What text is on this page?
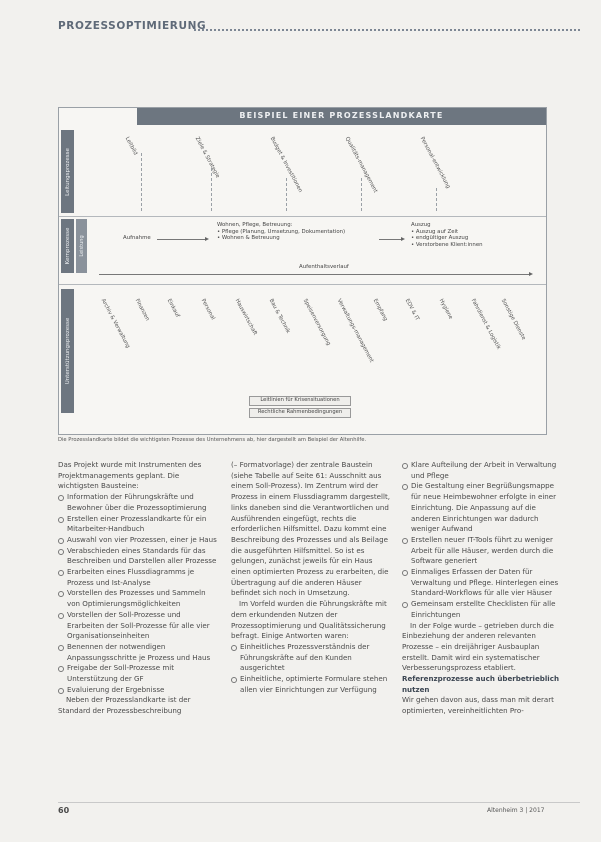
PROZESSOPTIMIERUNG
BEISPIEL EINER PROZESSLANDKARTE
Leitungsprozesse
Kernprozesse Leistung
Unterstützungsprozesse
Leitbild	Ziele & Strategie	Budget & Investitionen	Qualitäts-management	Personal-entwicklung
Aufnahme
Wohnen, Pflege, Betreuung:
• Pflege (Planung, Umsetzung, Dokumentation)
• Wohnen & Betreuung
Auszug
• Auszug auf Zeit
• endgültiger Auszug
• Verstorbene Klient:innen
Aufenthaltsverlauf
Archiv & Verwaltung Finanzen	Einkauf	Personal	Hauswirtschaft Bau & Technik Speisenversorgung Verwaltungs-management
Empfang	EDV & IT	Hygiene	Fahrdienst & Logistik
Sonstige Dienste
Leitlinien für Krisensituationen
Rechtliche Rahmenbedingungen
Die Prozesslandkarte bildet die wichtigsten Prozesse des Unternehmens ab, hier dargestellt am Beispiel der Altenhilfe.

Das Projekt wurde mit Instrumenten des Projektmanagements geplant. Die wichtigsten Bausteine:

Information der Führungskräfte und Bewohner über die Prozessoptimierung
Erstellen einer Prozesslandkarte für ein Mitarbeiter-Handbuch
Auswahl von vier Prozessen, einer je Haus
Verabschieden eines Standards für das Beschreiben und Darstellen aller Prozesse
Erarbeiten eines Flussdiagramms je Prozess und Ist-Analyse
Vorstellen des Prozesses und Sammeln von Optimierungsmöglichkeiten
Vorstellen der Soll-Prozesse und Erarbeiten der Soll-Prozesse für alle vier Organisationseinheiten
Benennen der notwendigen Anpassungsschritte je Prozess und Haus
Freigabe der Soll-Prozesse mit Unterstützung der GF
Evaluierung der Ergebnisse

Neben der Prozesslandkarte ist der Standard der Prozessbeschreibung

(– Formatvorlage) der zentrale Baustein (siehe Tabelle auf Seite 61: Ausschnitt aus einem Soll-Prozess). Im Zentrum wird der Prozess in einem Flussdiagramm dargestellt, links daneben sind die Verantwortlichen und Ausführenden eingefügt, rechts die erforderlichen Hilfsmittel. Dazu kommt eine Beschreibung des Prozesses und als Beilage die ausgeführten Hilfsmittel. So ist es gelungen, zunächst jeweils für ein Haus einen optimierten Prozess zu erarbeiten, die Übertragung auf die anderen Häuser befindet sich noch in Umsetzung.

Im Vorfeld wurden die Führungskräfte mit dem erkundenden Nutzen der Prozessoptimierung und Qualitätssicherung befragt. Einige Antworten waren:

Einheitliches Prozessverständnis der Führungskräfte auf den Kunden ausgerichtet
Einheitliche, optimierte Formulare stehen allen vier Einrichtungen zur Verfügung
Klare Aufteilung der Arbeit in Verwaltung und Pflege
Die Gestaltung einer Begrüßungsmappe für neue Heimbewohner erfolgte in einer Einrichtung. Die Anpassung auf die anderen Einrichtungen war dadurch weniger Aufwand
Erstellen neuer IT-Tools führt zu weniger Arbeit für alle Häuser, werden durch die Software generiert
Einmaliges Erfassen der Daten für Verwaltung und Pflege. Hinterlegen eines Standard-Workflows für alle vier Häuser
Gemeinsam erstellte Checklisten für alle Einrichtungen

In der Folge wurde – getrieben durch die Einbeziehung der anderen relevanten Prozesse – ein dreijähriger Ausbauplan erstellt. Damit wird ein systematischer Verbesserungsprozess etabliert.

Referenzprozesse auch überbetrieblich nutzen

Wir gehen davon aus, dass man mit derart optimierten, vereinheitlichten Pro-

60	Altenheim 3 | 2017
